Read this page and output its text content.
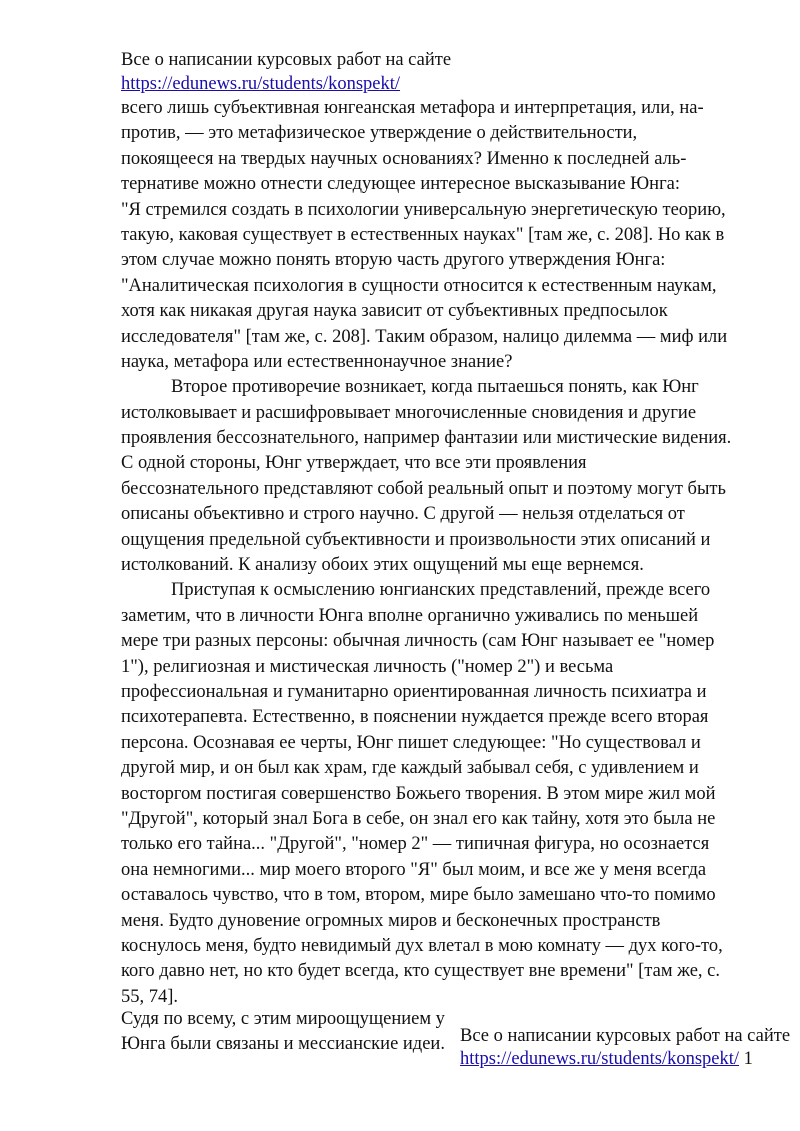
Все о написании курсовых работ на сайте
https://edunews.ru/students/konspekt/
всего лишь субъективная юнгеанская метафора и интерпретация, или, на-
против, — это метафизическое утверждение о действительности,
покоящееся на твердых научных основаниях? Именно к последней аль-
тернативе можно отнести следующее интересное высказывание Юнга:
"Я стремился создать в психологии универсальную энергетическую теорию,
такую, каковая существует в естественных науках" [там же, с. 208]. Но как в
этом случае можно понять вторую часть другого утверждения Юнга:
"Аналитическая психология в сущности относится к естественным наукам,
хотя как никакая другая наука зависит от субъективных предпосылок
исследователя" [там же, с. 208]. Таким образом, налицо дилемма — миф или
наука, метафора или естественнонаучное знание?
Второе противоречие возникает, когда пытаешься понять, как Юнг
истолковывает и расшифровывает многочисленные сновидения и другие
проявления бессознательного, например фантазии или мистические видения.
С одной стороны, Юнг утверждает, что все эти проявления
бессознательного представляют собой реальный опыт и поэтому могут быть
описаны объективно и строго научно. С другой — нельзя отделаться от
ощущения предельной субъективности и произвольности этих описаний и
истолкований. К анализу обоих этих ощущений мы еще вернемся.
Приступая к осмыслению юнгианских представлений, прежде всего
заметим, что в личности Юнга вполне органично уживались по меньшей
мере три разных персоны: обычная личность (сам Юнг называет ее "номер
1"), религиозная и мистическая личность ("номер 2") и весьма
профессиональная и гуманитарно ориентированная личность психиатра и
психотерапевта. Естественно, в пояснении нуждается прежде всего вторая
персона. Осознавая ее черты, Юнг пишет следующее: "Но существовал и
другой мир, и он был как храм, где каждый забывал себя, с удивлением и
восторгом постигая совершенство Божьего творения. В этом мире жил мой
"Другой", который знал Бога в себе, он знал его как тайну, хотя это была не
только его тайна... "Другой", "номер 2" — типичная фигура, но осознается
она немногими... мир моего второго "Я" был моим, и все же у меня всегда
оставалось чувство, что в том, втором, мире было замешано что-то помимо
меня. Будто дуновение огромных миров и бесконечных пространств
коснулось меня, будто невидимый дух влетал в мою комнату — дух кого-то,
кого давно нет, но кто будет всегда, кто существует вне времени" [там же, с.
55, 74].
Судя по всему, с этим мироощущением у
Юнга были связаны и мессианские идеи. Все о написании курсовых работ на сайте
https://edunews.ru/students/konspekt/ 1
